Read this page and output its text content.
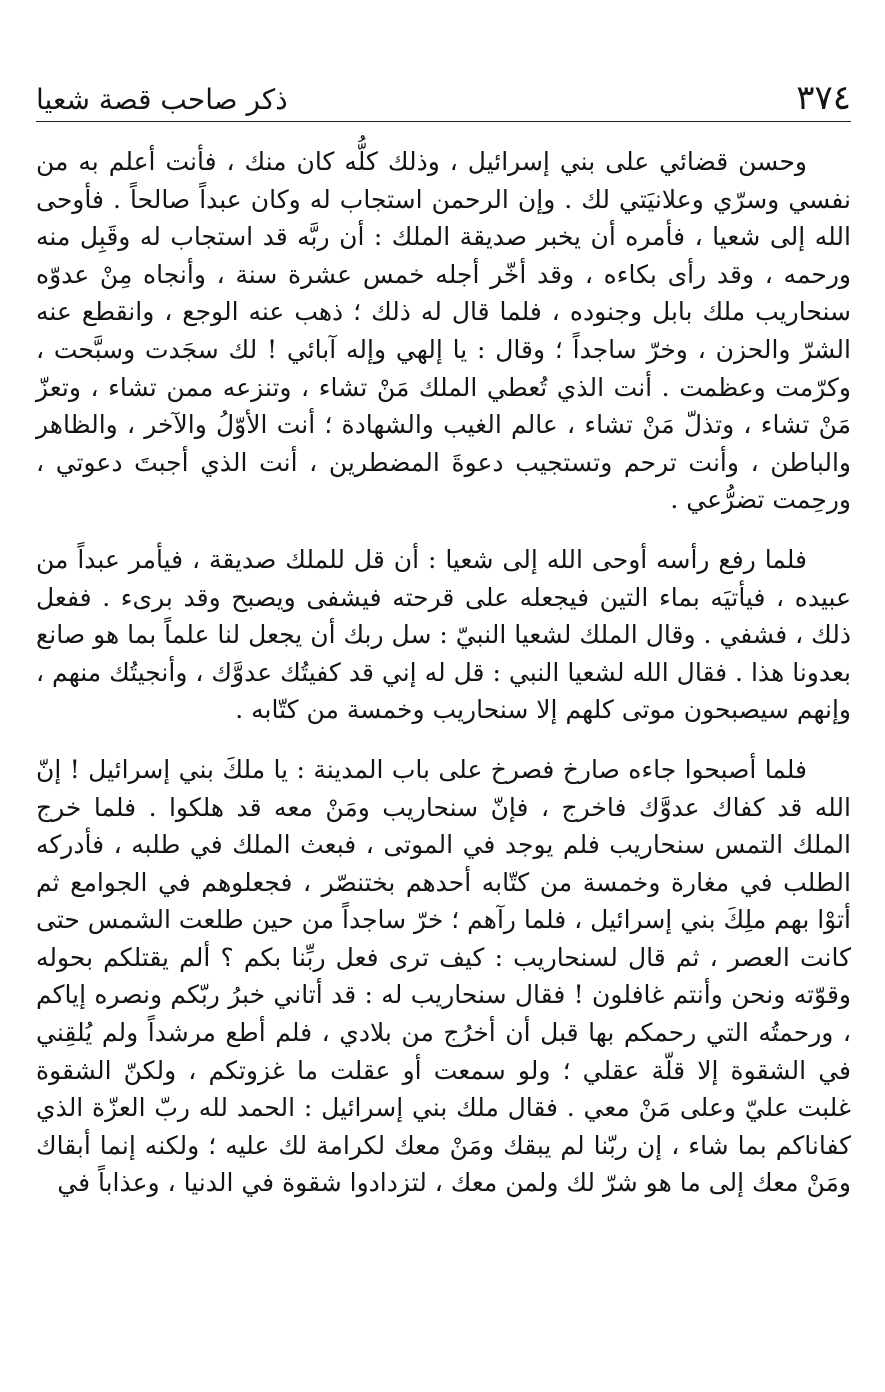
٣٧٤
ذكر صاحب قصة شعيا

وحسن قضائي على بني إسرائيل ، وذلك كلُّه كان منك ، فأنت أعلم به من نفسي وسرّي وعلانيَتي لك . وإن الرحمن استجاب له وكان عبداً صالحاً . فأوحى الله إلى شعيا ، فأمره أن يخبر صديقة الملك : أن ربَّه قد استجاب له وقَبِل منه ورحمه ، وقد رأى بكاءه ، وقد أخّر أجله خمس عشرة سنة ، وأنجاه مِنْ عدوّه سنحاريب ملك بابل وجنوده ، فلما قال له ذلك ؛ ذهب عنه الوجع ، وانقطع عنه الشرّ والحزن ، وخرّ ساجداً ؛ وقال : يا إلهي وإله آبائي ! لك سجَدت وسبَّحت ، وكرّمت وعظمت . أنت الذي تُعطي الملك مَنْ تشاء ، وتنزعه ممن تشاء ، وتعزّ مَنْ تشاء ، وتذلّ مَنْ تشاء ، عالم الغيب والشهادة ؛ أنت الأوّلُ والآخر ، والظاهر والباطن ، وأنت ترحم وتستجيب دعوةَ المضطرين ، أنت الذي أجبتَ دعوتي ، ورحِمت تضرُّعي .

فلما رفع رأسه أوحى الله إلى شعيا : أن قل للملك صديقة ، فيأمر عبداً من عبيده ، فيأتيَه بماء التين فيجعله على قرحته فيشفى ويصبح وقد برىء . ففعل ذلك ، فشفي . وقال الملك لشعيا النبيّ : سل ربك أن يجعل لنا علماً بما هو صانع بعدونا هذا . فقال الله لشعيا النبي : قل له إني قد كفيتُك عدوَّك ، وأنجيتُك منهم ، وإنهم سيصبحون موتى كلهم إلا سنحاريب وخمسة من كتّابه .

فلما أصبحوا جاءه صارخ فصرخ على باب المدينة : يا ملكَ بني إسرائيل ! إنّ الله قد كفاك عدوَّك فاخرج ، فإنّ سنحاريب ومَنْ معه قد هلكوا . فلما خرج الملك التمس سنحاريب فلم يوجد في الموتى ، فبعث الملك في طلبه ، فأدركه الطلب في مغارة وخمسة من كتّابه أحدهم بختنصّر ، فجعلوهم في الجوامع ثم أتوْا بهم ملِكَ بني إسرائيل ، فلما رآهم ؛ خرّ ساجداً من حين طلعت الشمس حتى كانت العصر ، ثم قال لسنحاريب : كيف ترى فعل ربِّنا بكم ؟ ألم يقتلكم بحوله وقوّته ونحن وأنتم غافلون ! فقال سنحاريب له : قد أتاني خبرُ ربّكم ونصره إياكم ، ورحمتُه التي رحمكم بها قبل أن أخرُج من بلادي ، فلم أطع مرشداً ولم يُلقِني في الشقوة إلا قلّة عقلي ؛ ولو سمعت أو عقلت ما غزوتكم ، ولكنّ الشقوة غلبت عليّ وعلى مَنْ معي . فقال ملك بني إسرائيل : الحمد لله ربّ العزّة الذي كفاناكم بما شاء ، إن ربّنا لم يبقك ومَنْ معك لكرامة لك عليه ؛ ولكنه إنما أبقاك ومَنْ معك إلى ما هو شرّ لك ولمن معك ، لتزدادوا شقوة في الدنيا ، وعذاباً في
